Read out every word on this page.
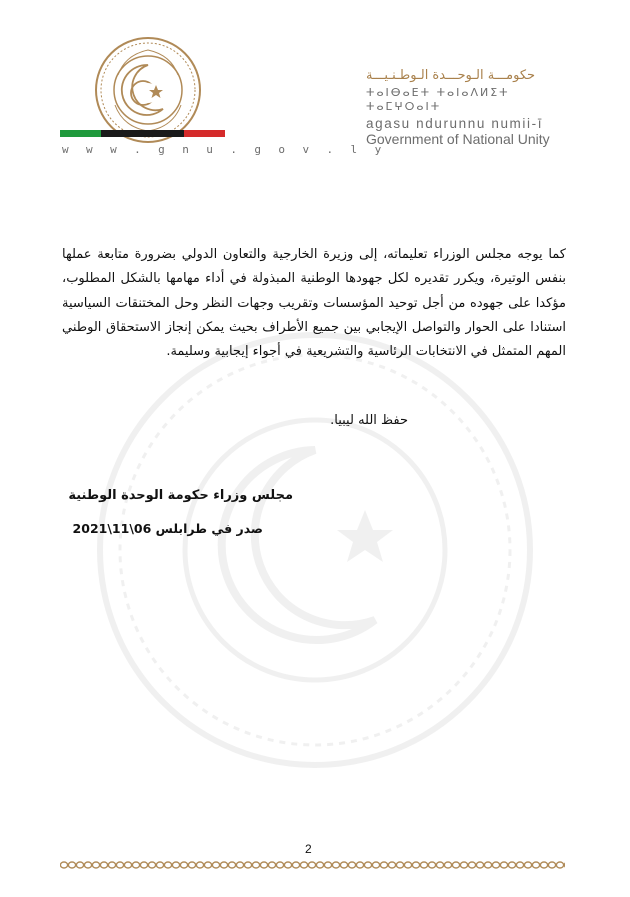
w w w . g n u . g o v . l y
حكومـــة الـوحـــدة الـوطـنـيـــة
ⵜⴰⵏⴱⴰⴹⵜ ⵜⴰⵏⴰⴷⵍⵉⵜ ⵜⴰⵎⵖⵔⴰⵏⵜ
agasu ndurunnu numii-ī
Government of National Unity
كما يوجه مجلس الوزراء تعليماته، إلى وزيرة الخارجية والتعاون الدولي بضرورة متابعة عملها بنفس الوتيرة، ويكرر تقديره لكل جهودها الوطنية المبذولة في أداء مهامها بالشكل المطلوب، مؤكدا على جهوده من أجل توحيد المؤسسات وتقريب وجهات النظر وحل المختنقات السياسية استنادا على الحوار والتواصل الإيجابي بين جميع الأطراف بحيث يمكن إنجاز الاستحقاق الوطني المهم المتمثل في الانتخابات الرئاسية والتشريعية في أجواء إيجابية وسليمة.
حفظ الله ليبيا.
مجلس وزراء حكومة الوحدة الوطنية
صدر في طرابلس 06\11\2021
2
